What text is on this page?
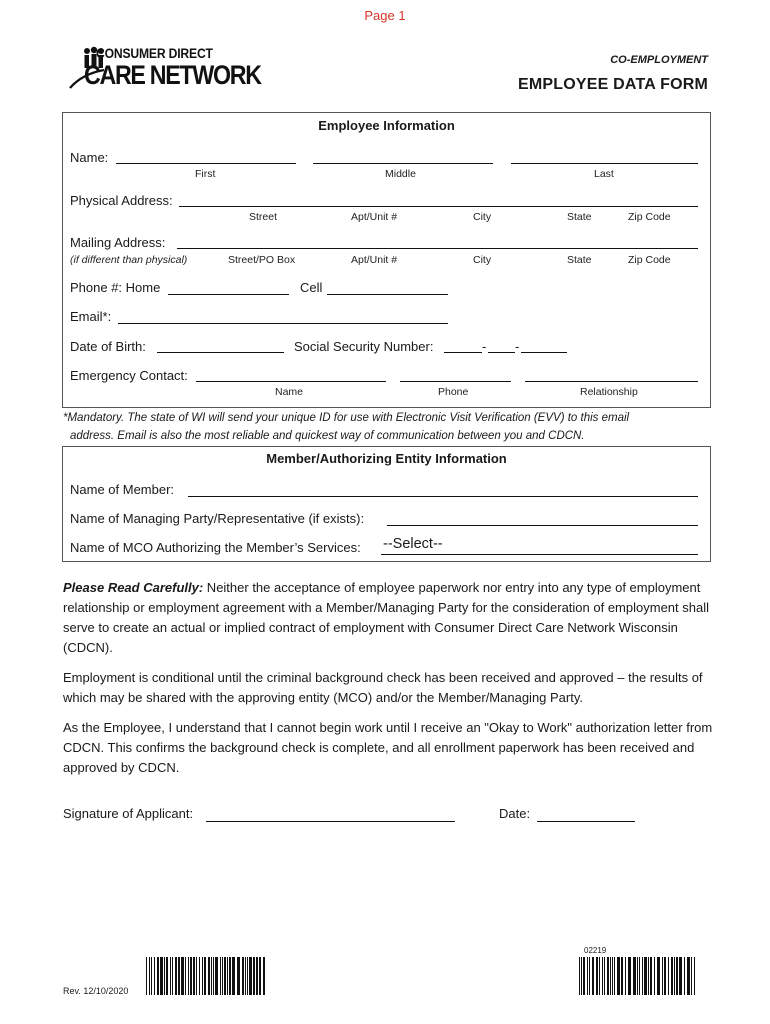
Page 1
CONSUMER DIRECT
CARE NETWORK	CO-EMPLOYMENT
EMPLOYEE DATA FORM
Employee Information
Name:
First	Middle	Last
Physical Address:
Street	Apt/Unit #	City	State	Zip Code
Mailing Address:
(if different than physical)	Street/PO Box	Apt/Unit #	City	State	Zip Code
Phone #: Home	Cell
Email*:
Date of Birth:	Social Security Number:	- -
Emergency Contact:
Name	Phone	Relationship
*Mandatory. The state of WI will send your unique ID for use with Electronic Visit Verification (EVV) to this email
address. Email is also the most reliable and quickest way of communication between you and CDCN.
Member/Authorizing Entity Information
Name of Member:
Name of Managing Party/Representative (if exists):
Name of MCO Authorizing the Member’s Services: --Select--
Please Read Carefully: Neither the acceptance of employee paperwork nor entry into any type of employment relationship or employment agreement with a Member/Managing Party for the consideration of employment shall serve to create an actual or implied contract of employment with Consumer Direct Care Network Wisconsin (CDCN).
Employment is conditional until the criminal background check has been received and approved – the results of which may be shared with the approving entity (MCO) and/or the Member/Managing Party.
As the Employee, I understand that I cannot begin work until I receive an "Okay to Work" authorization letter from CDCN. This confirms the background check is complete, and all enrollment paperwork has been received and approved by CDCN.
Signature of Applicant:	Date:
Rev. 12/10/2020
02219
